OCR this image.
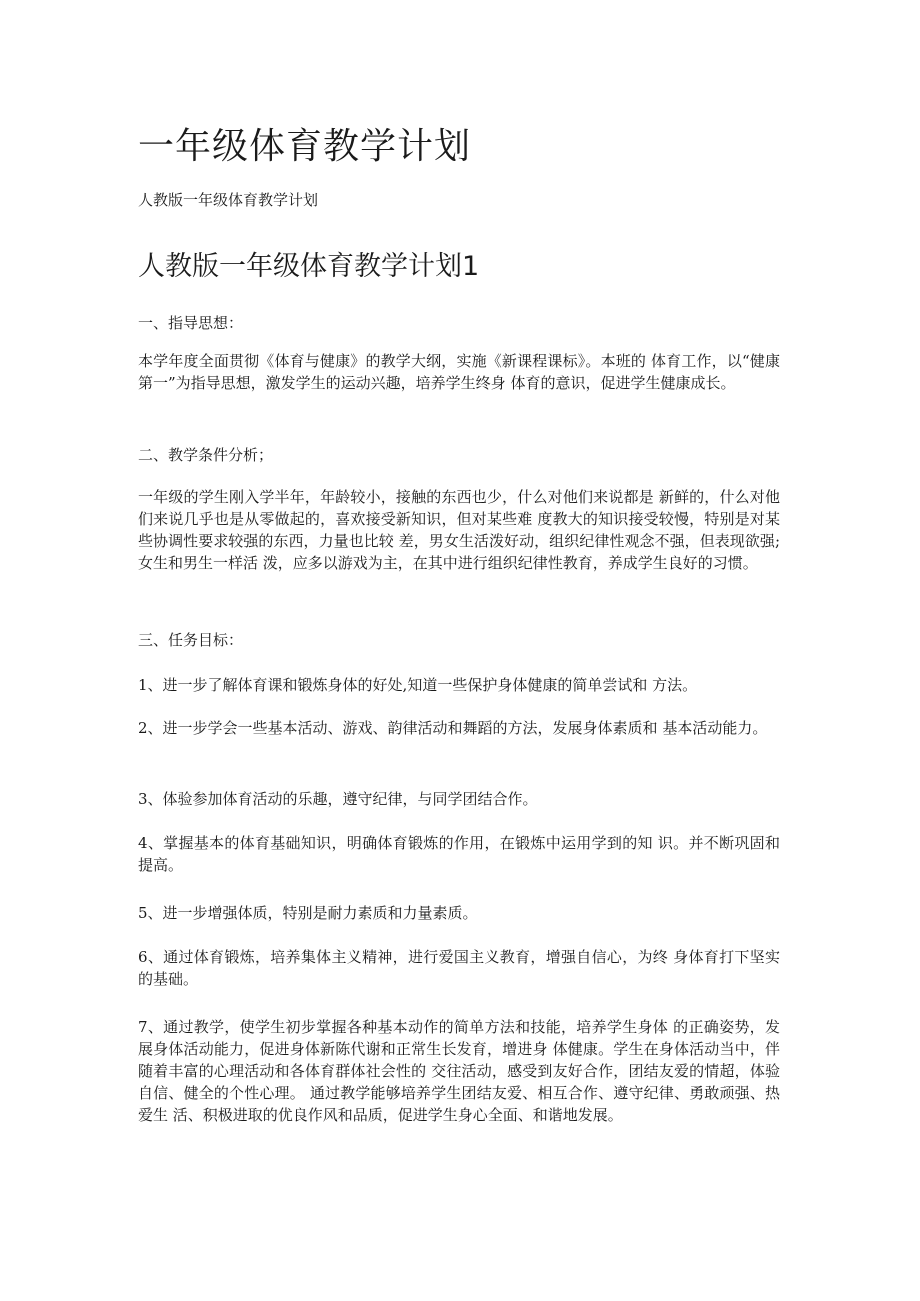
一年级体育教学计划

人教版一年级体育教学计划

人教版一年级体育教学计划1

一、指导思想：

本学年度全面贯彻《体育与健康》的教学大纲，实施《新课程课标》。本班的 体育工作，以“健康第一”为指导思想，激发学生的运动兴趣，培养学生终身 体育的意识，促进学生健康成长。

二、教学条件分析；

一年级的学生刚入学半年，年龄较小，接触的东西也少，什么对他们来说都是 新鲜的，什么对他们来说几乎也是从零做起的，喜欢接受新知识，但对某些难 度教大的知识接受较慢，特别是对某些协调性要求较强的东西，力量也比较 差，男女生活泼好动，组织纪律性观念不强，但表现欲强;女生和男生一样活 泼，应多以游戏为主，在其中进行组织纪律性教育，养成学生良好的习惯。

三、任务目标：

1、进一步了解体育课和锻炼身体的好处,知道一些保护身体健康的简单尝试和 方法。

2、进一步学会一些基本活动、游戏、韵律活动和舞蹈的方法，发展身体素质和 基本活动能力。

3、体验参加体育活动的乐趣，遵守纪律，与同学团结合作。

4、掌握基本的体育基础知识，明确体育锻炼的作用，在锻炼中运用学到的知 识。并不断巩固和提高。

5、进一步增强体质，特别是耐力素质和力量素质。

6、通过体育锻炼，培养集体主义精神，进行爱国主义教育，增强自信心，为终 身体育打下坚实的基础。

7、通过教学，使学生初步掌握各种基本动作的简单方法和技能，培养学生身体 的正确姿势，发展身体活动能力，促进身体新陈代谢和正常生长发育，增进身 体健康。学生在身体活动当中，伴随着丰富的心理活动和各体育群体社会性的 交往活动，感受到友好合作，团结友爱的情超，体验自信、健全的个性心理。 通过教学能够培养学生团结友爱、相互合作、遵守纪律、勇敢顽强、热爱生 活、积极进取的优良作风和品质，促进学生身心全面、和谐地发展。
